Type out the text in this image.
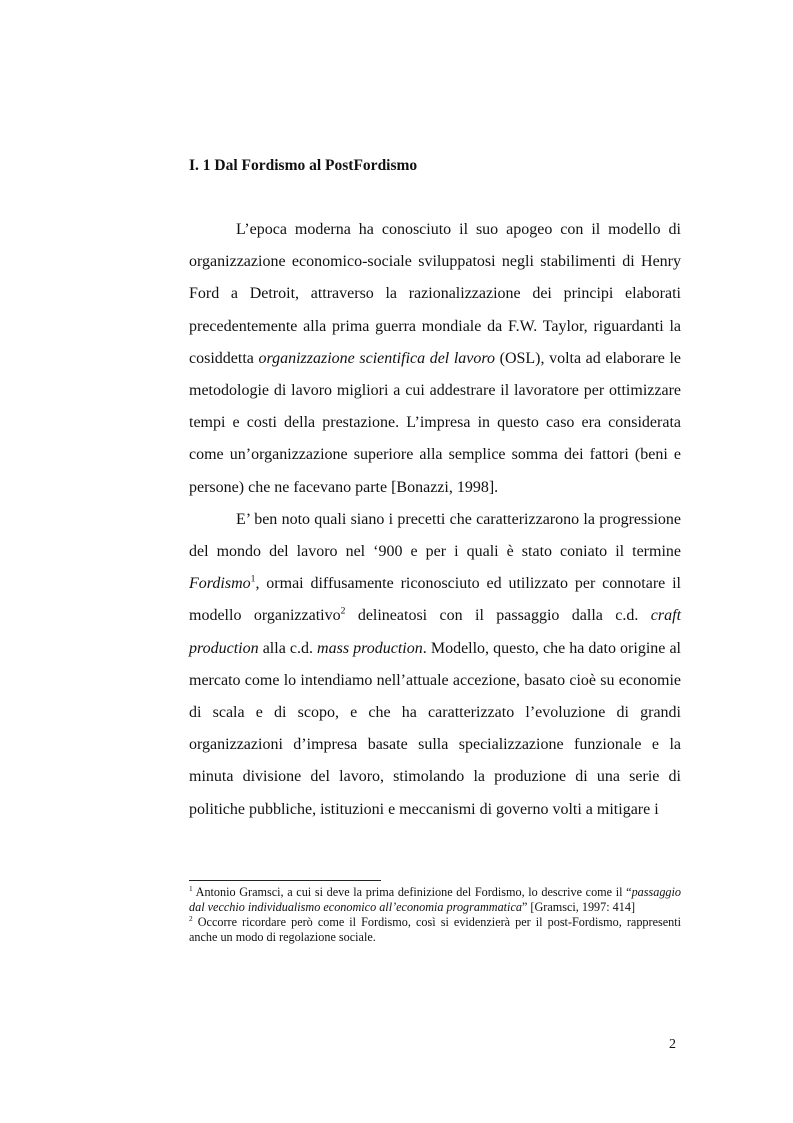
I. 1 Dal Fordismo al PostFordismo

L’epoca moderna ha conosciuto il suo apogeo con il modello di organizzazione economico-sociale sviluppatosi negli stabilimenti di Henry Ford a Detroit, attraverso la razionalizzazione dei principi elaborati precedentemente alla prima guerra mondiale da F.W. Taylor, riguardanti la cosiddetta organizzazione scientifica del lavoro (OSL), volta ad elaborare le metodologie di lavoro migliori a cui addestrare il lavoratore per ottimizzare tempi e costi della prestazione. L’impresa in questo caso era considerata come un’organizzazione superiore alla semplice somma dei fattori (beni e persone) che ne facevano parte [Bonazzi, 1998].

E’ ben noto quali siano i precetti che caratterizzarono la progressione del mondo del lavoro nel ‘900 e per i quali è stato coniato il termine Fordismo$^1$, ormai diffusamente riconosciuto ed utilizzato per connotare il modello organizzativo$^2$ delineatosi con il passaggio dalla c.d. craft production alla c.d. mass production. Modello, questo, che ha dato origine al mercato come lo intendiamo nell’attuale accezione, basato cioè su economie di scala e di scopo, e che ha caratterizzato l’evoluzione di grandi organizzazioni d’impresa basate sulla specializzazione funzionale e la minuta divisione del lavoro, stimolando la produzione di una serie di politiche pubbliche, istituzioni e meccanismi di governo volti a mitigare i

$^1$ Antonio Gramsci, a cui si deve la prima definizione del Fordismo, lo descrive come il “passaggio dal vecchio individualismo economico all’economia programmatica” [Gramsci, 1997: 414]

$^2$ Occorre ricordare però come il Fordismo, così si evidenzierà per il post-Fordismo, rappresenti anche un modo di regolazione sociale.

2
